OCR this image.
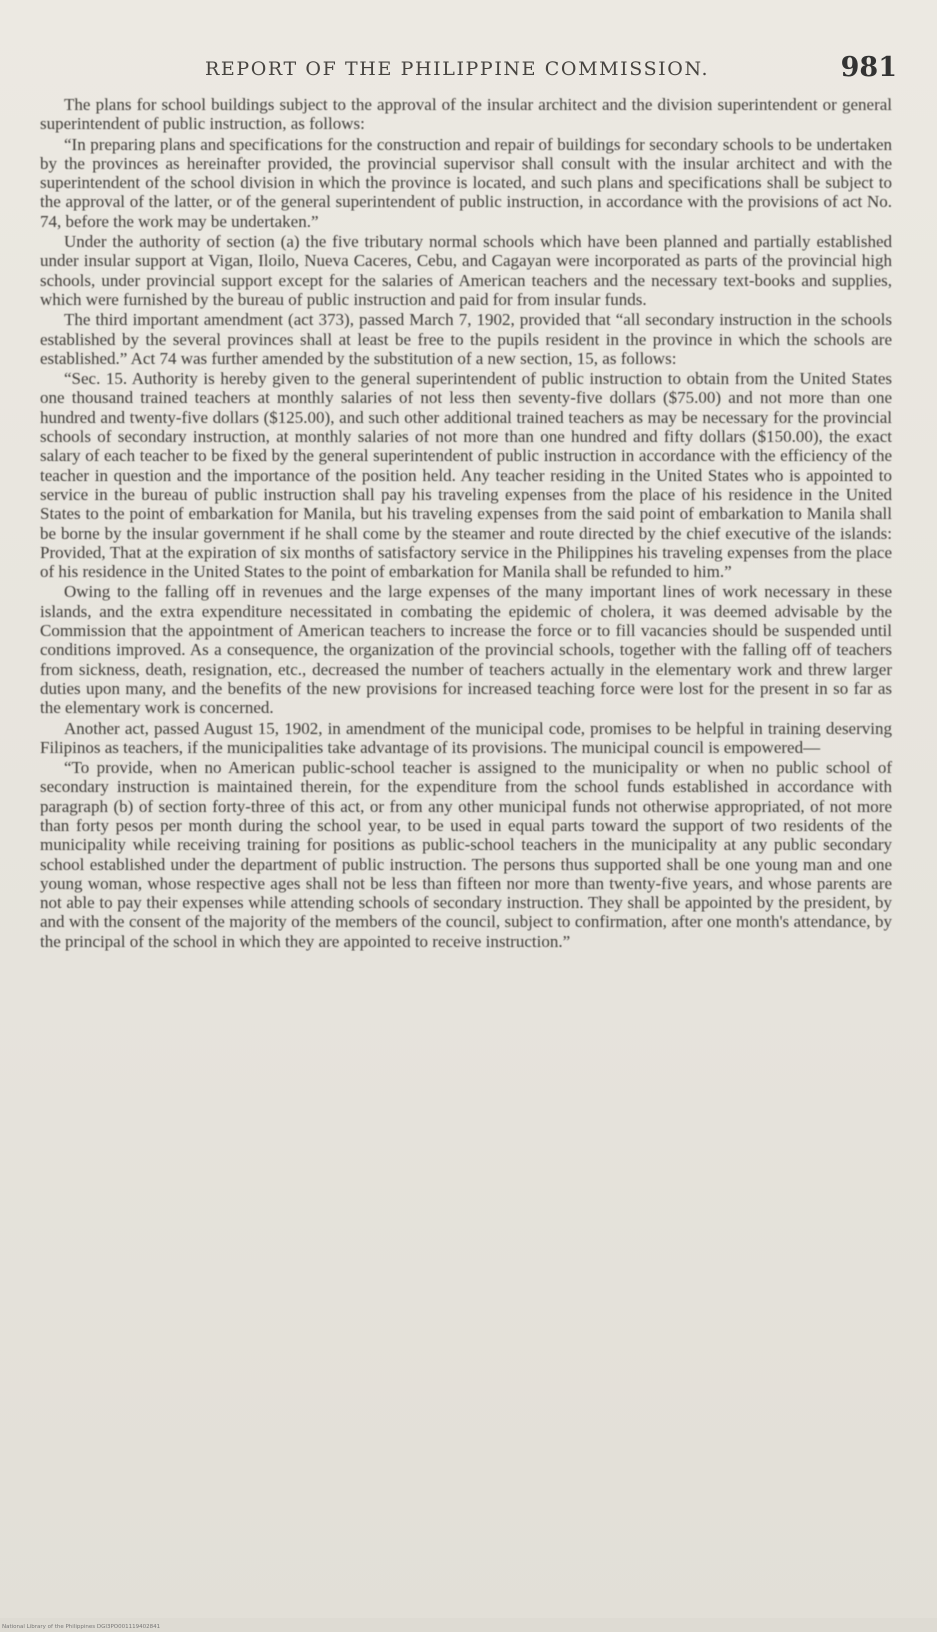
REPORT OF THE PHILIPPINE COMMISSION.	981

The plans for school buildings subject to the approval of the insular architect and the division superintendent or general superintendent of public instruction, as follows:

“In preparing plans and specifications for the construction and repair of buildings for secondary schools to be undertaken by the provinces as hereinafter provided, the provincial supervisor shall consult with the insular architect and with the superintendent of the school division in which the province is located, and such plans and specifications shall be subject to the approval of the latter, or of the general superintendent of public instruction, in accordance with the provisions of act No. 74, before the work may be undertaken.”

Under the authority of section (a) the five tributary normal schools which have been planned and partially established under insular support at Vigan, Iloilo, Nueva Caceres, Cebu, and Cagayan were incorporated as parts of the provincial high schools, under provincial support except for the salaries of American teachers and the necessary text-books and supplies, which were furnished by the bureau of public instruction and paid for from insular funds.

The third important amendment (act 373), passed March 7, 1902, provided that “all secondary instruction in the schools established by the several provinces shall at least be free to the pupils resident in the province in which the schools are established.” Act 74 was further amended by the substitution of a new section, 15, as follows:

“Sec. 15. Authority is hereby given to the general superintendent of public instruction to obtain from the United States one thousand trained teachers at monthly salaries of not less then seventy-five dollars ($75.00) and not more than one hundred and twenty-five dollars ($125.00), and such other additional trained teachers as may be necessary for the provincial schools of secondary instruction, at monthly salaries of not more than one hundred and fifty dollars ($150.00), the exact salary of each teacher to be fixed by the general superintendent of public instruction in accordance with the efficiency of the teacher in question and the importance of the position held. Any teacher residing in the United States who is appointed to service in the bureau of public instruction shall pay his traveling expenses from the place of his residence in the United States to the point of embarkation for Manila, but his traveling expenses from the said point of embarkation to Manila shall be borne by the insular government if he shall come by the steamer and route directed by the chief executive of the islands: Provided, That at the expiration of six months of satisfactory service in the Philippines his traveling expenses from the place of his residence in the United States to the point of embarkation for Manila shall be refunded to him.”

Owing to the falling off in revenues and the large expenses of the many important lines of work necessary in these islands, and the extra expenditure necessitated in combating the epidemic of cholera, it was deemed advisable by the Commission that the appointment of American teachers to increase the force or to fill vacancies should be suspended until conditions improved. As a consequence, the organization of the provincial schools, together with the falling off of teachers from sickness, death, resignation, etc., decreased the number of teachers actually in the elementary work and threw larger duties upon many, and the benefits of the new provisions for increased teaching force were lost for the present in so far as the elementary work is concerned.

Another act, passed August 15, 1902, in amendment of the municipal code, promises to be helpful in training deserving Filipinos as teachers, if the municipalities take advantage of its provisions. The municipal council is empowered—

“To provide, when no American public-school teacher is assigned to the municipality or when no public school of secondary instruction is maintained therein, for the expenditure from the school funds established in accordance with paragraph (b) of section forty-three of this act, or from any other municipal funds not otherwise appropriated, of not more than forty pesos per month during the school year, to be used in equal parts toward the support of two residents of the municipality while receiving training for positions as public-school teachers in the municipality at any public secondary school established under the department of public instruction. The persons thus supported shall be one young man and one young woman, whose respective ages shall not be less than fifteen nor more than twenty-five years, and whose parents are not able to pay their expenses while attending schools of secondary instruction. They shall be appointed by the president, by and with the consent of the majority of the members of the council, subject to confirmation, after one month's attendance, by the principal of the school in which they are appointed to receive instruction.”

National Library of the Philippines DGI3PO001119402841
